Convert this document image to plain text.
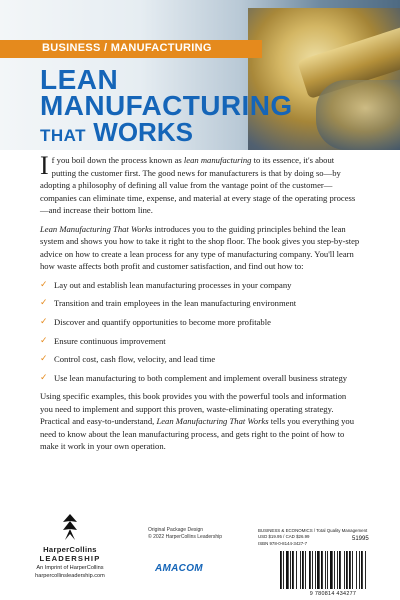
BUSINESS / MANUFACTURING
LEAN
MANUFACTURING
THAT WORKS

If you boil down the process known as lean manufacturing to its essence, it's about putting the customer first. The good news for manufacturers is that by doing so—by adopting a philosophy of defining all value from the vantage point of the customer—companies can eliminate time, expense, and material at every stage of the operating process—and increase their bottom line.

Lean Manufacturing That Works introduces you to the guiding principles behind the lean system and shows you how to take it right to the shop floor. The book gives you step-by-step advice on how to create a lean process for any type of manufacturing company. You'll learn how waste affects both profit and customer satisfaction, and find out how to:

✓ Lay out and establish lean manufacturing processes in your company
✓ Transition and train employees in the lean manufacturing environment
✓ Discover and quantify opportunities to become more profitable
✓ Ensure continuous improvement
✓ Control cost, cash flow, velocity, and lead time
✓ Use lean manufacturing to both complement and implement overall business strategy

Using specific examples, this book provides you with the powerful tools and information you need to implement and support this proven, waste-eliminating operating strategy. Practical and easy-to-understand, Lean Manufacturing That Works tells you everything you need to know about the lean manufacturing process, and gets right to the point of how to make it work in your own operation.

HarperCollins
LEADERSHIP
An Imprint of HarperCollins
harpercollinsleadership.com
Original Package Design
© 2022 HarperCollins Leadership
AMACOM
BUSINESS & ECONOMICS / Total Quality Management
USD $19.95 / CAD $26.99
ISBN 978-0-8144-3427-7
51995
9 780814 434277
